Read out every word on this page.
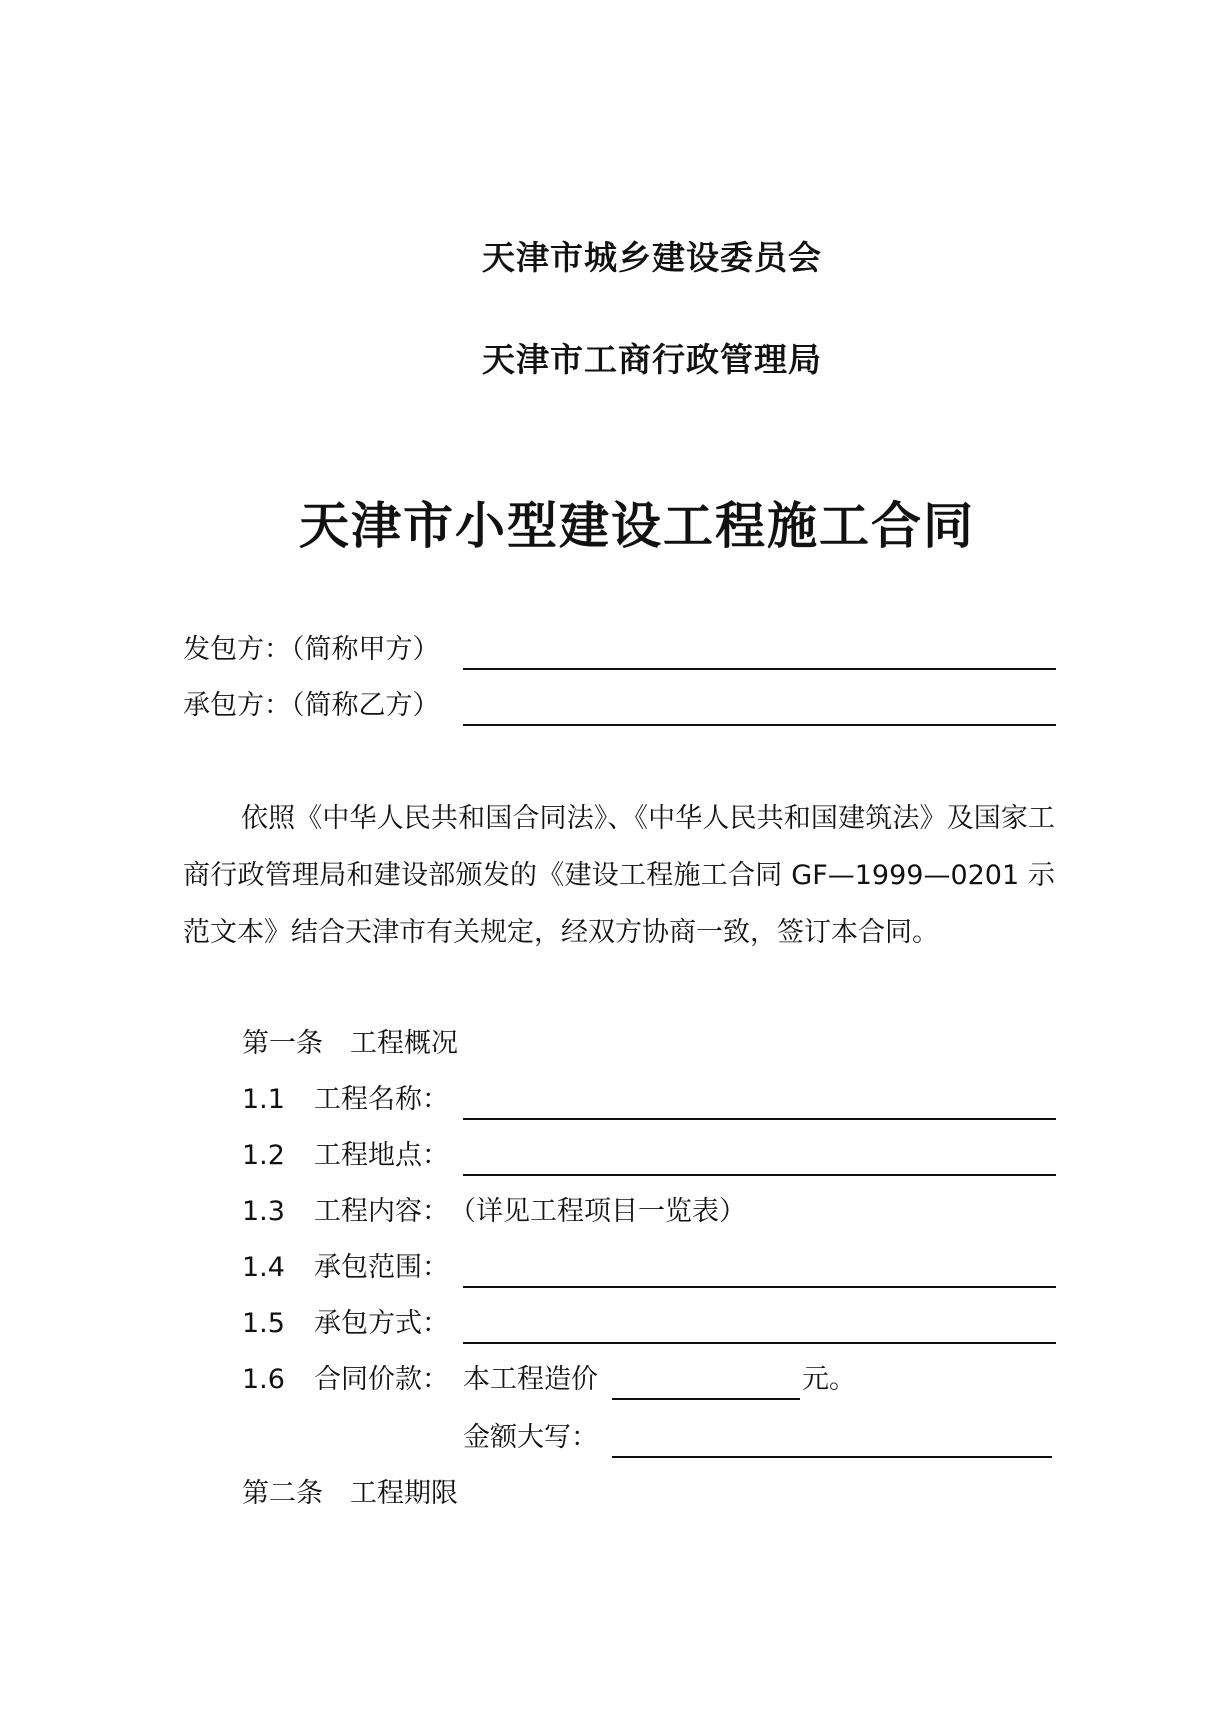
天津市城乡建设委员会
天津市工商行政管理局
天津市小型建设工程施工合同
发包方：（简称甲方）
承包方：（简称乙方）
依照《中华人民共和国合同法》、《中华人民共和国建筑法》及国家工商行政管理局和建设部颁发的《建设工程施工合同 GF—1999—0201 示范文本》结合天津市有关规定，经双方协商一致，签订本合同。
第一条　工程概况
1.1 工程名称：
1.2 工程地点：
1.3 工程内容： （详见工程项目一览表）
1.4 承包范围：
1.5 承包方式：
1.6 合同价款： 本工程造价	元。
金额大写：
第二条　工程期限
